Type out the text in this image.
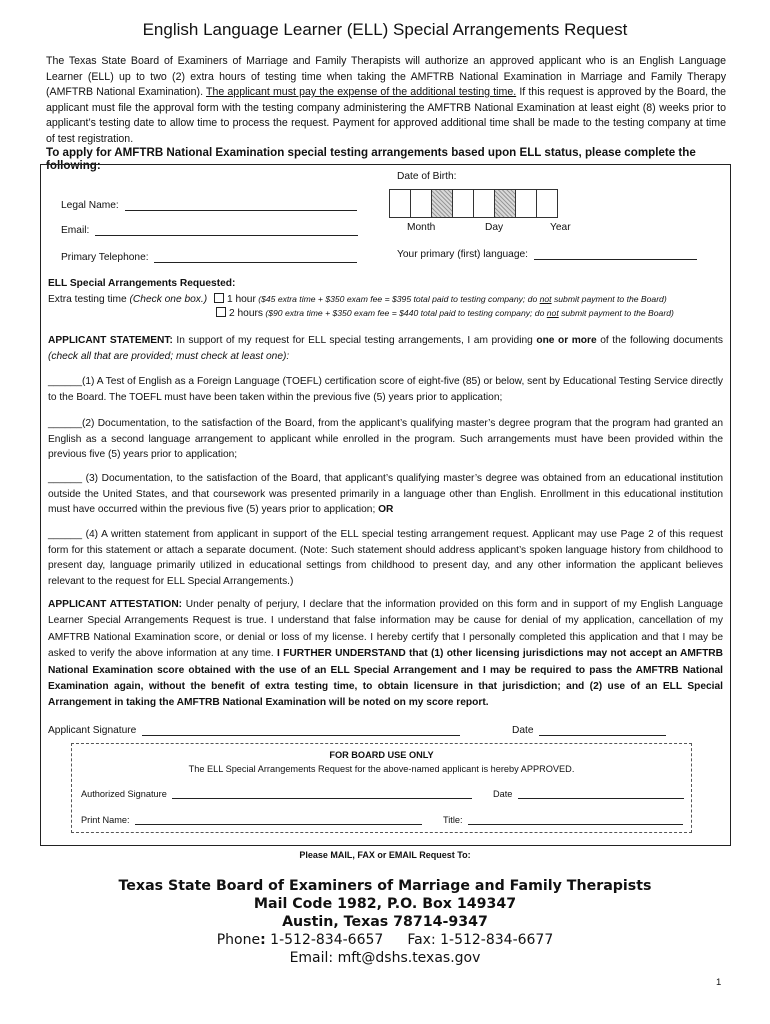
English Language Learner (ELL) Special Arrangements Request

The Texas State Board of Examiners of Marriage and Family Therapists will authorize an approved applicant who is an English Language Learner (ELL) up to two (2) extra hours of testing time when taking the AMFTRB National Examination in Marriage and Family Therapy (AMFTRB National Examination). The applicant must pay the expense of the additional testing time. If this request is approved by the Board, the applicant must file the approval form with the testing company administering the AMFTRB National Examination at least eight (8) weeks prior to applicant’s testing date to allow time to process the request. Payment for approved additional time shall be made to the testing company at time of test registration.

To apply for AMFTRB National Examination special testing arrangements based upon ELL status, please complete the following:
Date of Birth:
Month	Day	Year
Legal Name:
Email:
Primary Telephone:	Your primary (first) language:
ELL Special Arrangements Requested:
Extra testing time (Check one box.) 1 hour ($45 extra time + $350 exam fee = $395 total paid to testing company; do not submit payment to the Board)
2 hours ($90 extra time + $350 exam fee = $440 total paid to testing company; do not submit payment to the Board)

APPLICANT STATEMENT: In support of my request for ELL special testing arrangements, I am providing one or more of the following documents (check all that are provided; must check at least one):

______(1) A Test of English as a Foreign Language (TOEFL) certification score of eight-five (85) or below, sent by Educational Testing Service directly to the Board. The TOEFL must have been taken within the previous five (5) years prior to application;

______(2) Documentation, to the satisfaction of the Board, from the applicant’s qualifying master’s degree program that the program had granted an English as a second language arrangement to applicant while enrolled in the program. Such arrangements must have been provided within the previous five (5) years prior to application;

______ (3) Documentation, to the satisfaction of the Board, that applicant’s qualifying master’s degree was obtained from an educational institution outside the United States, and that coursework was presented primarily in a language other than English. Enrollment in this educational institution must have occurred within the previous five (5) years prior to application; OR

______ (4) A written statement from applicant in support of the ELL special testing arrangement request. Applicant may use Page 2 of this request form for this statement or attach a separate document. (Note: Such statement should address applicant’s spoken language history from childhood to present day, language primarily utilized in educational settings from childhood to present day, and any other information the applicant believes relevant to the request for ELL Special Arrangements.)

APPLICANT ATTESTATION: Under penalty of perjury, I declare that the information provided on this form and in support of my English Language Learner Special Arrangements Request is true. I understand that false information may be cause for denial of my application, cancellation of my AMFTRB National Examination score, or denial or loss of my license. I hereby certify that I personally completed this application and that I may be asked to verify the above information at any time. I FURTHER UNDERSTAND that (1) other licensing jurisdictions may not accept an AMFTRB National Examination score obtained with the use of an ELL Special Arrangement and I may be required to pass the AMFTRB National Examination again, without the benefit of extra testing time, to obtain licensure in that jurisdiction; and (2) use of an ELL Special Arrangement in taking the AMFTRB National Examination will be noted on my score report.

Applicant Signature	Date
FOR BOARD USE ONLY
The ELL Special Arrangements Request for the above-named applicant is hereby APPROVED.
Authorized Signature	Date
Print Name:	Title:
Please MAIL, FAX or EMAIL Request To:
Texas State Board of Examiners of Marriage and Family Therapists
Mail Code 1982, P.O. Box 149347
Austin, Texas 78714-9347
Phone: 1-512-834-6657 Fax: 1-512-834-6677
Email: mft@dshs.texas.gov
1
